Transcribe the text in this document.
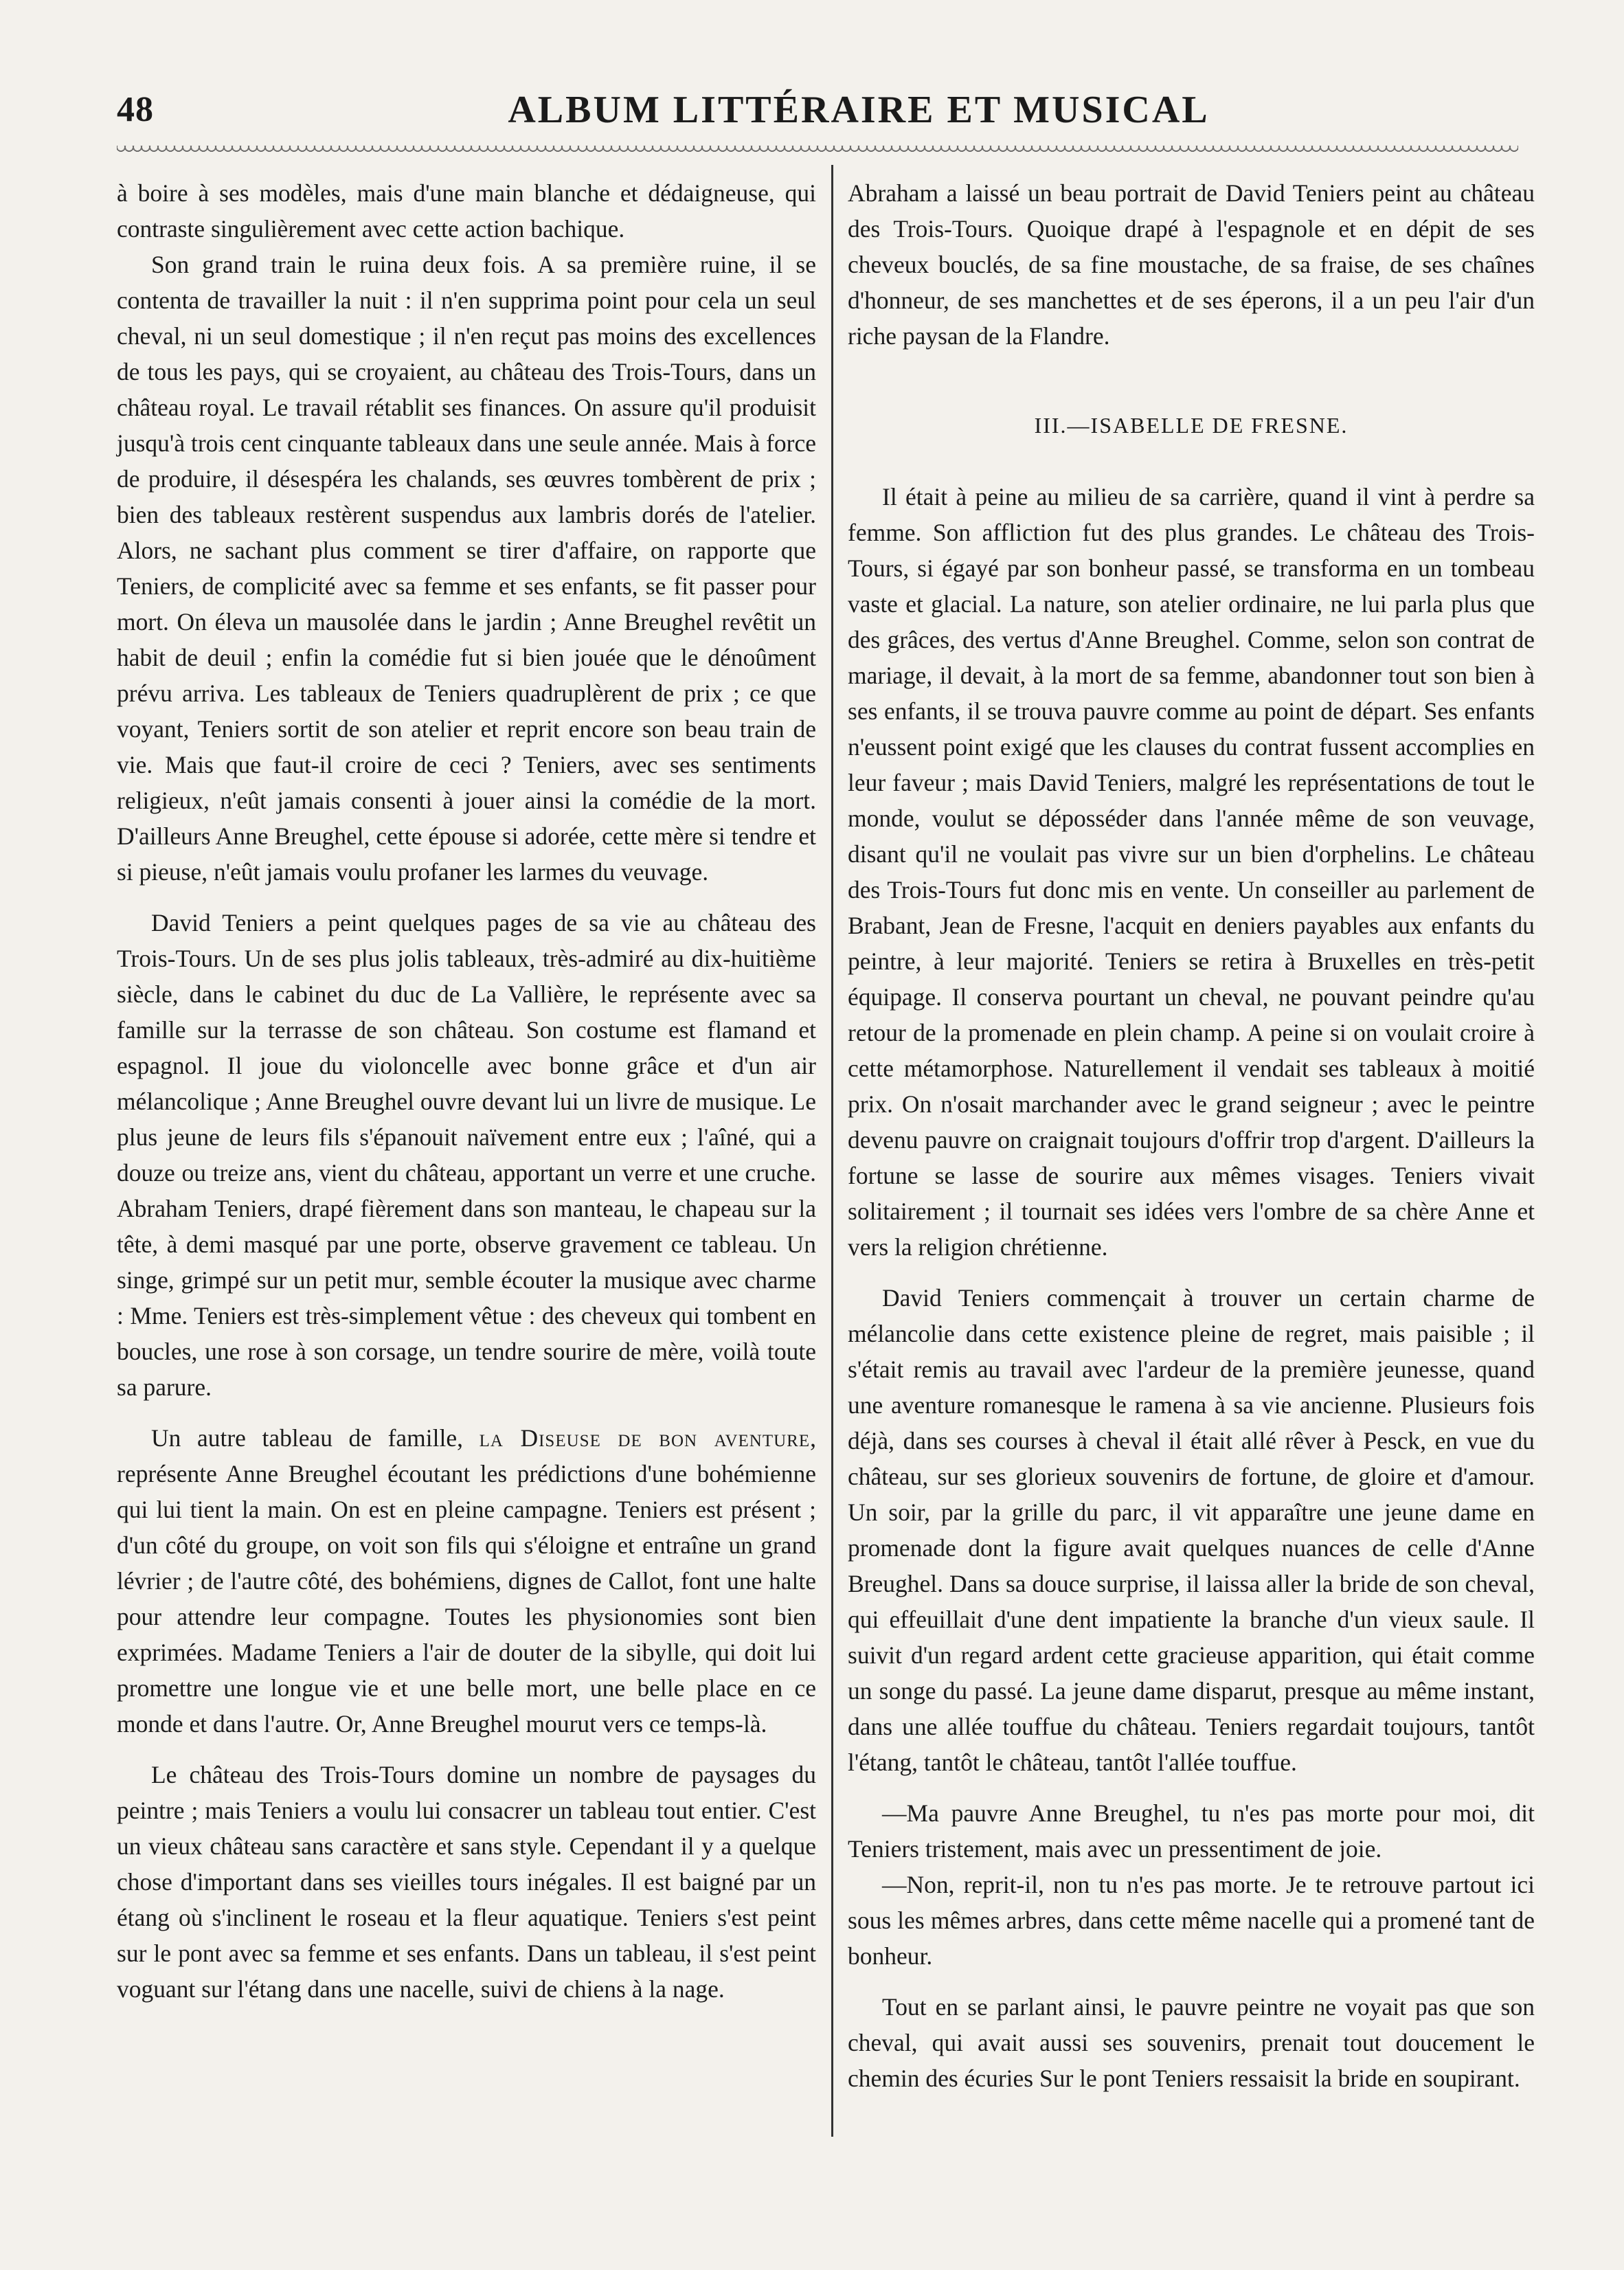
48	ALBUM LITTÉRAIRE ET MUSICAL

à boire à ses modèles, mais d'une main blanche et dédaigneuse, qui contraste singulièrement avec cette action bachique.

Son grand train le ruina deux fois. A sa première ruine, il se contenta de travailler la nuit : il n'en supprima point pour cela un seul cheval, ni un seul domestique ; il n'en reçut pas moins des excellences de tous les pays, qui se croyaient, au château des Trois-Tours, dans un château royal. Le travail rétablit ses finances. On assure qu'il produisit jusqu'à trois cent cinquante tableaux dans une seule année. Mais à force de produire, il désespéra les chalands, ses œuvres tombèrent de prix ; bien des tableaux restèrent suspendus aux lambris dorés de l'atelier. Alors, ne sachant plus comment se tirer d'affaire, on rapporte que Teniers, de complicité avec sa femme et ses enfants, se fit passer pour mort. On éleva un mausolée dans le jardin ; Anne Breughel revêtit un habit de deuil ; enfin la comédie fut si bien jouée que le dénoûment prévu arriva. Les tableaux de Teniers quadruplèrent de prix ; ce que voyant, Teniers sortit de son atelier et reprit encore son beau train de vie. Mais que faut-il croire de ceci ? Teniers, avec ses sentiments religieux, n'eût jamais consenti à jouer ainsi la comédie de la mort. D'ailleurs Anne Breughel, cette épouse si adorée, cette mère si tendre et si pieuse, n'eût jamais voulu profaner les larmes du veuvage.

David Teniers a peint quelques pages de sa vie au château des Trois-Tours. Un de ses plus jolis tableaux, très-admiré au dix-huitième siècle, dans le cabinet du duc de La Vallière, le représente avec sa famille sur la terrasse de son château. Son costume est flamand et espagnol. Il joue du violoncelle avec bonne grâce et d'un air mélancolique ; Anne Breughel ouvre devant lui un livre de musique. Le plus jeune de leurs fils s'épanouit naïvement entre eux ; l'aîné, qui a douze ou treize ans, vient du château, apportant un verre et une cruche. Abraham Teniers, drapé fièrement dans son manteau, le chapeau sur la tête, à demi masqué par une porte, observe gravement ce tableau. Un singe, grimpé sur un petit mur, semble écouter la musique avec charme : Mme. Teniers est très-simplement vêtue : des cheveux qui tombent en boucles, une rose à son corsage, un tendre sourire de mère, voilà toute sa parure.

Un autre tableau de famille, la Diseuse de bon aventure, représente Anne Breughel écoutant les prédictions d'une bohémienne qui lui tient la main. On est en pleine campagne. Teniers est présent ; d'un côté du groupe, on voit son fils qui s'éloigne et entraîne un grand lévrier ; de l'autre côté, des bohémiens, dignes de Callot, font une halte pour attendre leur compagne. Toutes les physionomies sont bien exprimées. Madame Teniers a l'air de douter de la sibylle, qui doit lui promettre une longue vie et une belle mort, une belle place en ce monde et dans l'autre. Or, Anne Breughel mourut vers ce temps-là.

Le château des Trois-Tours domine un nombre de paysages du peintre ; mais Teniers a voulu lui consacrer un tableau tout entier. C'est un vieux château sans caractère et sans style. Cependant il y a quelque chose d'important dans ses vieilles tours inégales. Il est baigné par un étang où s'inclinent le roseau et la fleur aquatique. Teniers s'est peint sur le pont avec sa femme et ses enfants. Dans un tableau, il s'est peint voguant sur l'étang dans une nacelle, suivi de chiens à la nage.

Abraham a laissé un beau portrait de David Teniers peint au château des Trois-Tours. Quoique drapé à l'espagnole et en dépit de ses cheveux bouclés, de sa fine moustache, de sa fraise, de ses chaînes d'honneur, de ses manchettes et de ses éperons, il a un peu l'air d'un riche paysan de la Flandre.

III.—ISABELLE DE FRESNE.

Il était à peine au milieu de sa carrière, quand il vint à perdre sa femme. Son affliction fut des plus grandes. Le château des Trois-Tours, si égayé par son bonheur passé, se transforma en un tombeau vaste et glacial. La nature, son atelier ordinaire, ne lui parla plus que des grâces, des vertus d'Anne Breughel. Comme, selon son contrat de mariage, il devait, à la mort de sa femme, abandonner tout son bien à ses enfants, il se trouva pauvre comme au point de départ. Ses enfants n'eussent point exigé que les clauses du contrat fussent accomplies en leur faveur ; mais David Teniers, malgré les représentations de tout le monde, voulut se déposséder dans l'année même de son veuvage, disant qu'il ne voulait pas vivre sur un bien d'orphelins. Le château des Trois-Tours fut donc mis en vente. Un conseiller au parlement de Brabant, Jean de Fresne, l'acquit en deniers payables aux enfants du peintre, à leur majorité. Teniers se retira à Bruxelles en très-petit équipage. Il conserva pourtant un cheval, ne pouvant peindre qu'au retour de la promenade en plein champ. A peine si on voulait croire à cette métamorphose. Naturellement il vendait ses tableaux à moitié prix. On n'osait marchander avec le grand seigneur ; avec le peintre devenu pauvre on craignait toujours d'offrir trop d'argent. D'ailleurs la fortune se lasse de sourire aux mêmes visages. Teniers vivait solitairement ; il tournait ses idées vers l'ombre de sa chère Anne et vers la religion chrétienne.

David Teniers commençait à trouver un certain charme de mélancolie dans cette existence pleine de regret, mais paisible ; il s'était remis au travail avec l'ardeur de la première jeunesse, quand une aventure romanesque le ramena à sa vie ancienne. Plusieurs fois déjà, dans ses courses à cheval il était allé rêver à Pesck, en vue du château, sur ses glorieux souvenirs de fortune, de gloire et d'amour. Un soir, par la grille du parc, il vit apparaître une jeune dame en promenade dont la figure avait quelques nuances de celle d'Anne Breughel. Dans sa douce surprise, il laissa aller la bride de son cheval, qui effeuillait d'une dent impatiente la branche d'un vieux saule. Il suivit d'un regard ardent cette gracieuse apparition, qui était comme un songe du passé. La jeune dame disparut, presque au même instant, dans une allée touffue du château. Teniers regardait toujours, tantôt l'étang, tantôt le château, tantôt l'allée touffue.

—Ma pauvre Anne Breughel, tu n'es pas morte pour moi, dit Teniers tristement, mais avec un pressentiment de joie.

—Non, reprit-il, non tu n'es pas morte. Je te retrouve partout ici sous les mêmes arbres, dans cette même nacelle qui a promené tant de bonheur.

Tout en se parlant ainsi, le pauvre peintre ne voyait pas que son cheval, qui avait aussi ses souvenirs, prenait tout doucement le chemin des écuries Sur le pont Teniers ressaisit la bride en soupirant.
